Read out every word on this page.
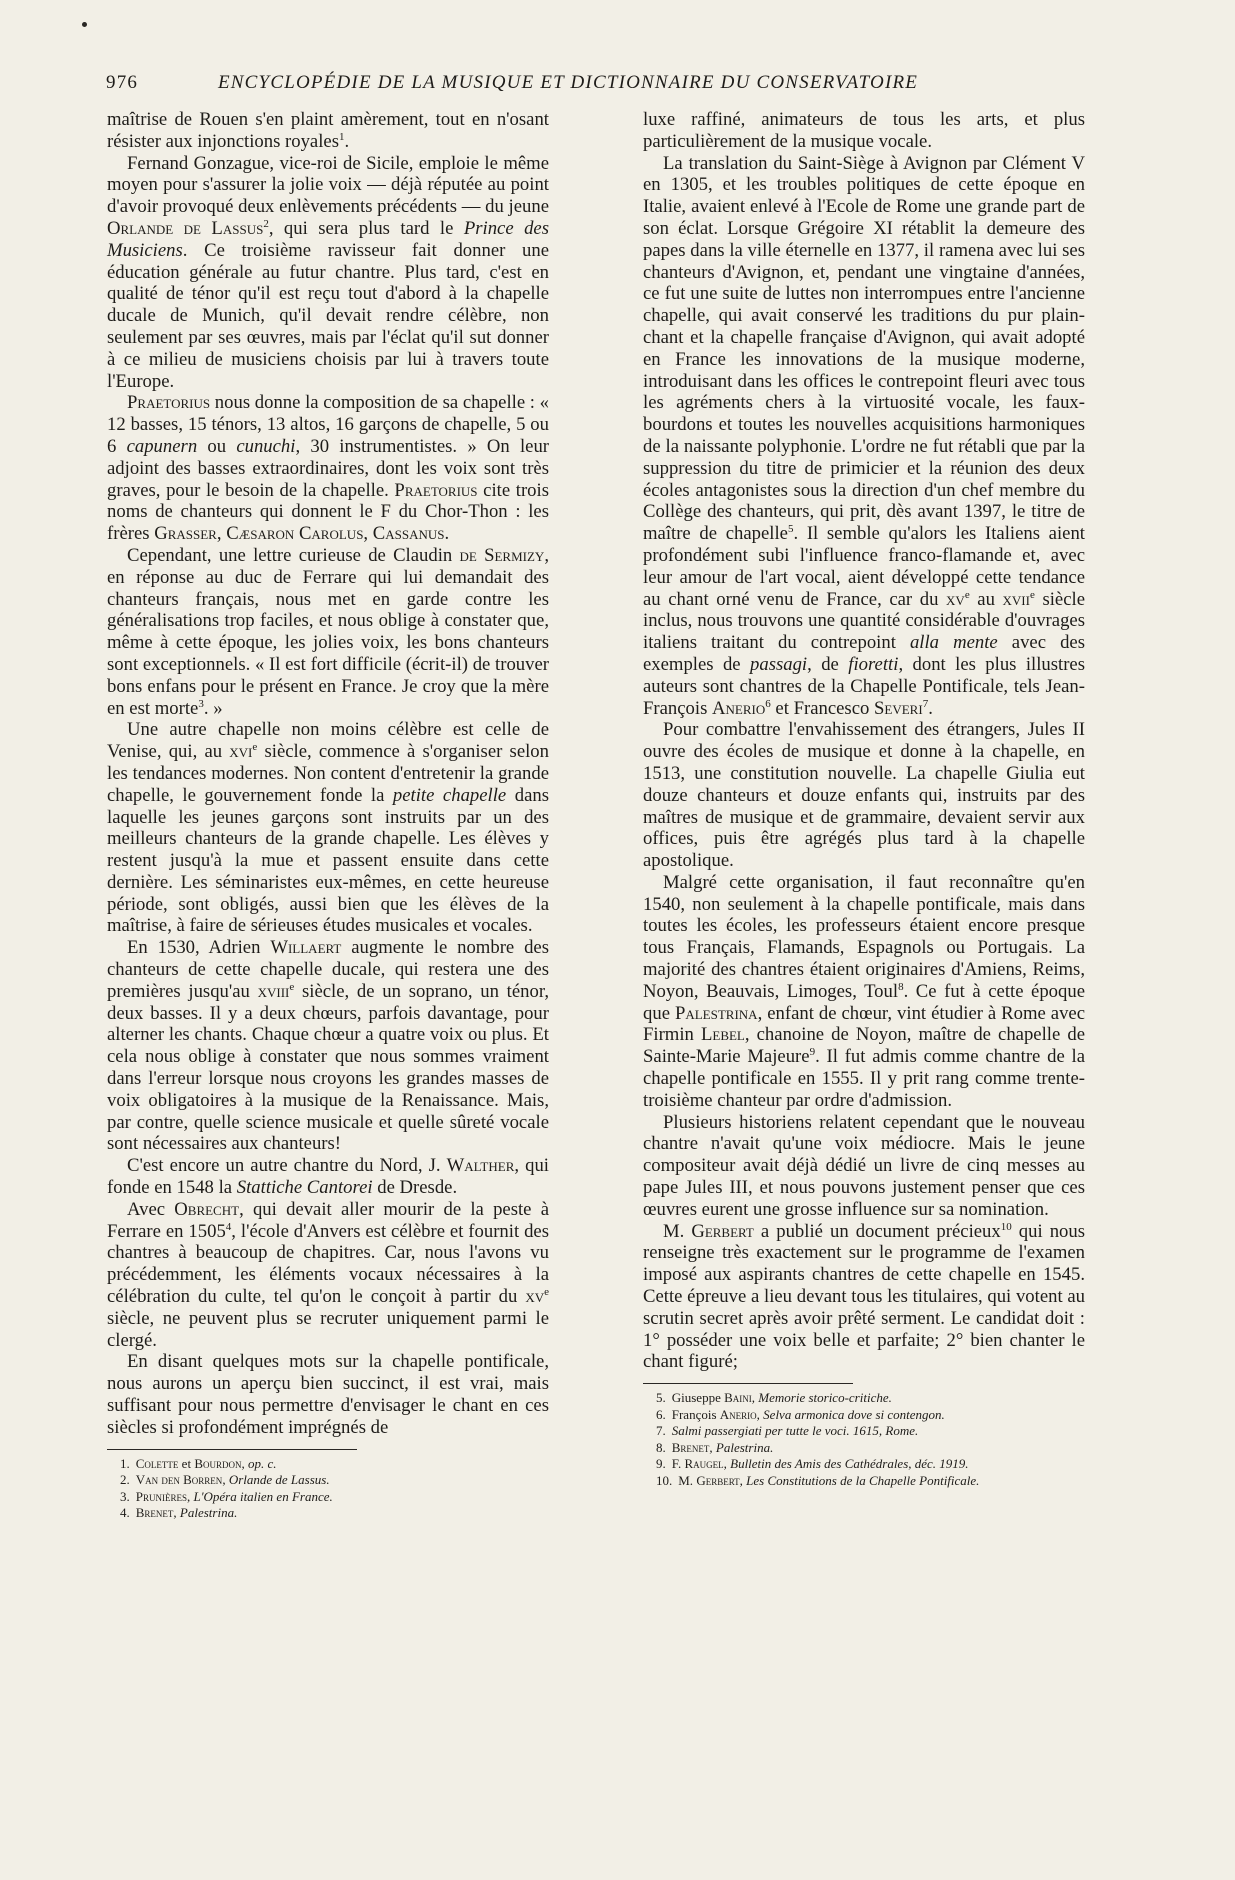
976	ENCYCLOPÉDIE DE LA MUSIQUE ET DICTIONNAIRE DU CONSERVATOIRE

maîtrise de Rouen s'en plaint amèrement, tout en n'osant résister aux injonctions royales$^1$.

Fernand Gonzague, vice-roi de Sicile, emploie le même moyen pour s'assurer la jolie voix — déjà réputée au point d'avoir provoqué deux enlèvements précédents — du jeune Orlande de Lassus$^2$, qui sera plus tard le Prince des Musiciens. Ce troisième ravisseur fait donner une éducation générale au futur chantre. Plus tard, c'est en qualité de ténor qu'il est reçu tout d'abord à la chapelle ducale de Munich, qu'il devait rendre célèbre, non seulement par ses œuvres, mais par l'éclat qu'il sut donner à ce milieu de musiciens choisis par lui à travers toute l'Europe.

Praetorius nous donne la composition de sa chapelle : « 12 basses, 15 ténors, 13 altos, 16 garçons de chapelle, 5 ou 6 capunern ou cunuchi, 30 instrumentistes. » On leur adjoint des basses extraordinaires, dont les voix sont très graves, pour le besoin de la chapelle. Praetorius cite trois noms de chanteurs qui donnent le F du Chor-Thon : les frères Grasser, Cæsaron Carolus, Cassanus.

Cependant, une lettre curieuse de Claudin de Sermizy, en réponse au duc de Ferrare qui lui demandait des chanteurs français, nous met en garde contre les généralisations trop faciles, et nous oblige à constater que, même à cette époque, les jolies voix, les bons chanteurs sont exceptionnels. « Il est fort difficile (écrit-il) de trouver bons enfans pour le présent en France. Je croy que la mère en est morte$^3$. »

Une autre chapelle non moins célèbre est celle de Venise, qui, au xvi$^e$ siècle, commence à s'organiser selon les tendances modernes. Non content d'entretenir la grande chapelle, le gouvernement fonde la petite chapelle dans laquelle les jeunes garçons sont instruits par un des meilleurs chanteurs de la grande chapelle. Les élèves y restent jusqu'à la mue et passent ensuite dans cette dernière. Les séminaristes eux-mêmes, en cette heureuse période, sont obligés, aussi bien que les élèves de la maîtrise, à faire de sérieuses études musicales et vocales.

En 1530, Adrien Willaert augmente le nombre des chanteurs de cette chapelle ducale, qui restera une des premières jusqu'au xviii$^e$ siècle, de un soprano, un ténor, deux basses. Il y a deux chœurs, parfois davantage, pour alterner les chants. Chaque chœur a quatre voix ou plus. Et cela nous oblige à constater que nous sommes vraiment dans l'erreur lorsque nous croyons les grandes masses de voix obligatoires à la musique de la Renaissance. Mais, par contre, quelle science musicale et quelle sûreté vocale sont nécessaires aux chanteurs!

C'est encore un autre chantre du Nord, J. Walther, qui fonde en 1548 la Stattiche Cantorei de Dresde.

Avec Obrecht, qui devait aller mourir de la peste à Ferrare en 1505$^4$, l'école d'Anvers est célèbre et fournit des chantres à beaucoup de chapitres. Car, nous l'avons vu précédemment, les éléments vocaux nécessaires à la célébration du culte, tel qu'on le conçoit à partir du $xv^e$ siècle, ne peuvent plus se recruter uniquement parmi le clergé.

En disant quelques mots sur la chapelle pontificale, nous aurons un aperçu bien succinct, il est vrai, mais suffisant pour nous permettre d'envisager le chant en ces siècles si profondément imprégnés de

1. Colette et Bourdon, op. c.

2. Van den Borren, Orlande de Lassus.

3. Prunières, L'Opéra italien en France.

4. Brenet, Palestrina.

luxe raffiné, animateurs de tous les arts, et plus particulièrement de la musique vocale.

La translation du Saint-Siège à Avignon par Clément V en 1305, et les troubles politiques de cette époque en Italie, avaient enlevé à l'Ecole de Rome une grande part de son éclat. Lorsque Grégoire XI rétablit la demeure des papes dans la ville éternelle en 1377, il ramena avec lui ses chanteurs d'Avignon, et, pendant une vingtaine d'années, ce fut une suite de luttes non interrompues entre l'ancienne chapelle, qui avait conservé les traditions du pur plain-chant et la chapelle française d'Avignon, qui avait adopté en France les innovations de la musique moderne, introduisant dans les offices le contrepoint fleuri avec tous les agréments chers à la virtuosité vocale, les faux-bourdons et toutes les nouvelles acquisitions harmoniques de la naissante polyphonie. L'ordre ne fut rétabli que par la suppression du titre de primicier et la réunion des deux écoles antagonistes sous la direction d'un chef membre du Collège des chanteurs, qui prit, dès avant 1397, le titre de maître de chapelle$^5$. Il semble qu'alors les Italiens aient profondément subi l'influence franco-flamande et, avec leur amour de l'art vocal, aient développé cette tendance au chant orné venu de France, car du $xv^e$ au xvii$^e$ siècle inclus, nous trouvons une quantité considérable d'ouvrages italiens traitant du contrepoint alla mente avec des exemples de passagi, de fioretti, dont les plus illustres auteurs sont chantres de la Chapelle Pontificale, tels Jean-François Anerio$^6$ et Francesco Severi$^7$.

Pour combattre l'envahissement des étrangers, Jules II ouvre des écoles de musique et donne à la chapelle, en 1513, une constitution nouvelle. La chapelle Giulia eut douze chanteurs et douze enfants qui, instruits par des maîtres de musique et de grammaire, devaient servir aux offices, puis être agrégés plus tard à la chapelle apostolique.

Malgré cette organisation, il faut reconnaître qu'en 1540, non seulement à la chapelle pontificale, mais dans toutes les écoles, les professeurs étaient encore presque tous Français, Flamands, Espagnols ou Portugais. La majorité des chantres étaient originaires d'Amiens, Reims, Noyon, Beauvais, Limoges, Toul$^8$. Ce fut à cette époque que Palestrina, enfant de chœur, vint étudier à Rome avec Firmin Lebel, chanoine de Noyon, maître de chapelle de Sainte-Marie Majeure$^9$. Il fut admis comme chantre de la chapelle pontificale en 1555. Il y prit rang comme trente-troisième chanteur par ordre d'admission.

Plusieurs historiens relatent cependant que le nouveau chantre n'avait qu'une voix médiocre. Mais le jeune compositeur avait déjà dédié un livre de cinq messes au pape Jules III, et nous pouvons justement penser que ces œuvres eurent une grosse influence sur sa nomination.

M. Gerbert a publié un document précieux$^{10}$ qui nous renseigne très exactement sur le programme de l'examen imposé aux aspirants chantres de cette chapelle en 1545. Cette épreuve a lieu devant tous les titulaires, qui votent au scrutin secret après avoir prêté serment. Le candidat doit : 1° posséder une voix belle et parfaite; 2° bien chanter le chant figuré;

5. Giuseppe Baini, Memorie storico-critiche.

6. François Anerio, Selva armonica dove si contengon.

7. Salmi passergiati per tutte le voci. 1615, Rome.

8. Brenet, Palestrina.

9. F. Raugel, Bulletin des Amis des Cathédrales, déc. 1919.

10. M. Gerbert, Les Constitutions de la Chapelle Pontificale.
